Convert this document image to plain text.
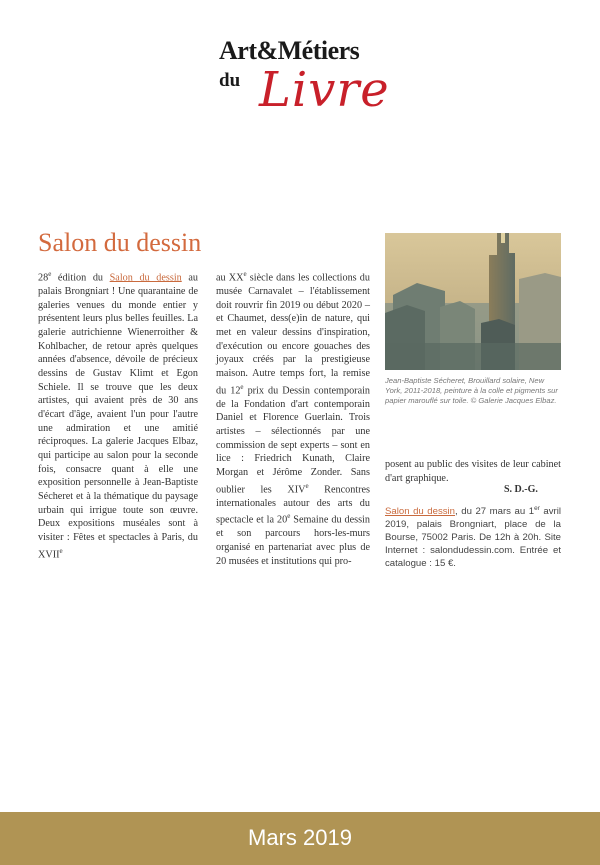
Art&Métiers
du Livre
Salon du dessin

28e édition du Salon du dessin au palais Brongniart ! Une quarantaine de galeries venues du monde entier y présentent leurs plus belles feuilles. La galerie autrichienne Wienerroither & Kohlbacher, de retour après quelques années d'absence, dévoile de précieux dessins de Gustav Klimt et Egon Schiele. Il se trouve que les deux artistes, qui avaient près de 30 ans d'écart d'âge, avaient l'un pour l'autre une admiration et une amitié réciproques. La galerie Jacques Elbaz, qui participe au salon pour la seconde fois, consacre quant à elle une exposition personnelle à Jean-Baptiste Sécheret et à la thématique du paysage urbain qui irrigue toute son œuvre. Deux expositions muséales sont à visiter : Fêtes et spectacles à Paris, du XVIIe

au XXe siècle dans les collections du musée Carnavalet – l'établissement doit rouvrir fin 2019 ou début 2020 – et Chaumet, dess(e)in de nature, qui met en valeur dessins d'inspiration, d'exécution ou encore gouaches des joyaux créés par la prestigieuse maison. Autre temps fort, la remise du 12e prix du Dessin contemporain de la Fondation d'art contemporain Daniel et Florence Guerlain. Trois artistes – sélectionnés par une commission de sept experts – sont en lice : Friedrich Kunath, Claire Morgan et Jérôme Zonder. Sans oublier les XIVe Rencontres internationales autour des arts du spectacle et la 20e Semaine du dessin et son parcours hors-les-murs organisé en partenariat avec plus de 20 musées et institutions qui pro-

Jean-Baptiste Sécheret, Brouillard solaire, New York, 2011-2018, peinture à la colle et pigments sur papier marouflé sur toile. © Galerie Jacques Elbaz.

posent au public des visites de leur cabinet d'art graphique.

S. D.-G.
Salon du dessin, du 27 mars au 1er avril 2019, palais Brongniart, place de la Bourse, 75002 Paris. De 12h à 20h. Site Internet : salondudessin.com. Entrée et catalogue : 15 €.
Mars 2019
